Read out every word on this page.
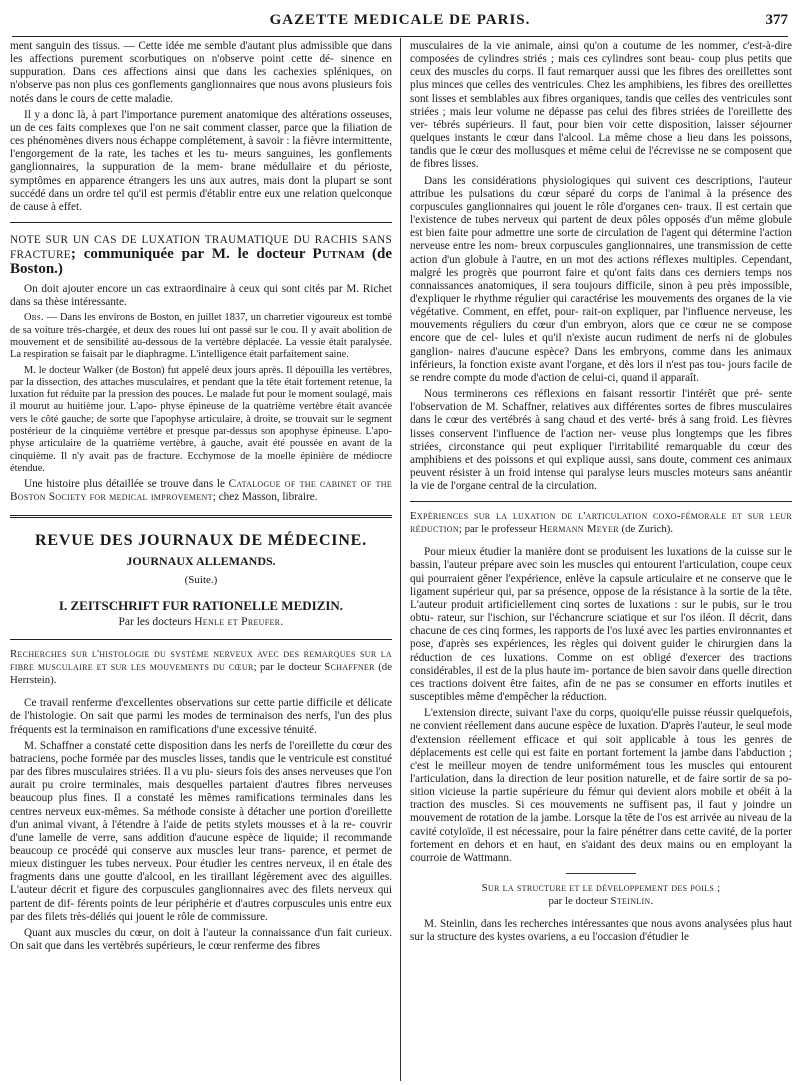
GAZETTE MEDICALE DE PARIS.	377

ment sanguin des tissus. — Cette idée me semble d'autant plus admissible que dans les affections purement scorbutiques on n'observe point cette dé- sinence en suppuration. Dans ces affections ainsi que dans les cachexies spléniques, on n'observe pas non plus ces gonflements ganglionnaires que nous avons plusieurs fois notés dans le cours de cette maladie.

Il y a donc là, à part l'importance purement anatomique des altérations osseuses, un de ces faits complexes que l'on ne sait comment classer, parce que la filiation de ces phénomènes divers nous échappe complétement, à savoir : la fièvre intermittente, l'engorgement de la rate, les taches et les tu- meurs sanguines, les gonflements ganglionnaires, la suppuration de la mem- brane médullaire et du périoste, symptômes en apparence étrangers les uns aux autres, mais dont la plupart se sont succédé dans un ordre tel qu'il est permis d'établir entre eux une relation quelconque de cause à effet.

NOTE SUR UN CAS DE LUXATION TRAUMATIQUE DU RACHIS SANS FRACTURE; communiquée par M. le docteur Putnam (de Boston.)

On doit ajouter encore un cas extraordinaire à ceux qui sont cités par M. Richet dans sa thèse intéressante.

Obs. — Dans les environs de Boston, en juillet 1837, un charretier vigoureux est tombé de sa voiture très-chargée, et deux des roues lui ont passé sur le cou. Il y avait abolition de mouvement et de sensibilité au-dessous de la vertèbre déplacée. La vessie était paralysée. La respiration se faisait par le diaphragme. L'intelligence était parfaitement saine.

M. le docteur Walker (de Boston) fut appelé deux jours après. Il dépouilla les vertèbres, par la dissection, des attaches musculaires, et pendant que la tête était fortement retenue, la luxation fut réduite par la pression des pouces. Le malade fut pour le moment soulagé, mais il mourut au huitième jour. L'apo- physe épineuse de la quatrième vertèbre était avancée vers le côté gauche; de sorte que l'apophyse articulaire, à droite, se trouvait sur le segment postérieur de la cinquième vertèbre et presque par-dessus son apophyse épineuse. L'apo- physe articulaire de la quatrième vertèbre, à gauche, avait été poussée en avant de la cinquième. Il n'y avait pas de fracture. Ecchymose de la moelle épinière de médiocre étendue.

Une histoire plus détaillée se trouve dans le Catalogue of the cabinet of the Boston Society for medical improvement; chez Masson, libraire.

REVUE DES JOURNAUX DE MÉDECINE.
JOURNAUX ALLEMANDS.
(Suite.)
I. ZEITSCHRIFT FUR RATIONELLE MEDIZIN.
Par les docteurs Henle et Preufer.

Recherches sur l'histologie du système nerveux avec des remarques sur la fibre musculaire et sur les mouvements du cœur; par le docteur Schaffner (de Herrstein).

Ce travail renferme d'excellentes observations sur cette partie difficile et délicate de l'histologie. On sait que parmi les modes de terminaison des nerfs, l'un des plus fréquents est la terminaison en ramifications d'une excessive ténuité.

M. Schaffner a constaté cette disposition dans les nerfs de l'oreillette du cœur des batraciens, poche formée par des muscles lisses, tandis que le ventricule est constitué par des fibres musculaires striées. Il a vu plu- sieurs fois des anses nerveuses que l'on aurait pu croire terminales, mais desquelles partaient d'autres fibres nerveuses beaucoup plus fines. Il a constaté les mêmes ramifications terminales dans les centres nerveux eux-mêmes. Sa méthode consiste à détacher une portion d'oreillette d'un animal vivant, à l'étendre à l'aide de petits stylets mousses et à la re- couvrir d'une lamelle de verre, sans addition d'aucune espèce de liquide; il recommande beaucoup ce procédé qui conserve aux muscles leur trans- parence, et permet de mieux distinguer les tubes nerveux. Pour étudier les centres nerveux, il en étale des fragments dans une goutte d'alcool, en les tiraillant légèrement avec des aiguilles. L'auteur décrit et figure des corpuscules ganglionnaires avec des filets nerveux qui partent de dif- férents points de leur périphérie et d'autres corpuscules unis entre eux par des filets très-déliés qui jouent le rôle de commissure.

Quant aux muscles du cœur, on doit à l'auteur la connaissance d'un fait curieux. On sait que dans les vertèbrés supérieurs, le cœur renferme des fibres

musculaires de la vie animale, ainsi qu'on a coutume de les nommer, c'est-à-dire composées de cylindres striés ; mais ces cylindres sont beau- coup plus petits que ceux des muscles du corps. Il faut remarquer aussi que les fibres des oreillettes sont plus minces que celles des ventricules. Chez les amphibiens, les fibres des oreillettes sont lisses et semblables aux fibres organiques, tandis que celles des ventricules sont striées ; mais leur volume ne dépasse pas celui des fibres striées de l'oreillette des ver- tébrés supérieurs. Il faut, pour bien voir cette disposition, laisser séjourner quelques instants le cœur dans l'alcool. La même chose a lieu dans les poissons, tandis que le cœur des mollusques et même celui de l'écrevisse ne se composent que de fibres lisses.

Dans les considérations physiologiques qui suivent ces descriptions, l'auteur attribue les pulsations du cœur séparé du corps de l'animal à la présence des corpuscules ganglionnaires qui jouent le rôle d'organes cen- traux. Il est certain que l'existence de tubes nerveux qui partent de deux pôles opposés d'un même globule est bien faite pour admettre une sorte de circulation de l'agent qui détermine l'action nerveuse entre les nom- breux corpuscules ganglionnaires, une transmission de cette action d'un globule à l'autre, en un mot des actions réflexes multiples. Cependant, malgré les progrès que pourront faire et qu'ont faits dans ces derniers temps nos connaissances anatomiques, il sera toujours difficile, sinon à peu près impossible, d'expliquer le rhythme régulier qui caractérise les mouvements des organes de la vie végétative. Comment, en effet, pour- rait-on expliquer, par l'influence nerveuse, les mouvements réguliers du cœur d'un embryon, alors que ce cœur ne se compose encore que de cel- lules et qu'il n'existe aucun rudiment de nerfs ni de globules ganglion- naires d'aucune espèce? Dans les embryons, comme dans les animaux inférieurs, la fonction existe avant l'organe, et dès lors il n'est pas tou- jours facile de se rendre compte du mode d'action de celui-ci, quand il apparaît.

Nous terminerons ces réflexions en faisant ressortir l'intérêt que pré- sente l'observation de M. Schaffner, relatives aux différentes sortes de fibres musculaires dans le cœur des vertébrés à sang chaud et des verté- brés à sang froid. Les fièvres lisses conservent l'influence de l'action ner- veuse plus longtemps que les fibres striées, circonstance qui peut expliquer l'irritabilité remarquable du cœur des amphibiens et des poissons et qui explique aussi, sans doute, comment ces animaux peuvent résister à un froid intense qui paralyse leurs muscles moteurs sans anéantir la vie de l'organe central de la circulation.

Expériences sur la luxation de l'articulation coxo-fémorale et sur leur réduction; par le professeur Hermann Meyer (de Zurich).

Pour mieux étudier la manière dont se produisent les luxations de la cuisse sur le bassin, l'auteur prépare avec soin les muscles qui entourent l'articulation, coupe ceux qui pourraient gêner l'expérience, enlève la capsule articulaire et ne conserve que le ligament supérieur qui, par sa présence, oppose de la résistance à la sortie de la tête. L'auteur produit artificiellement cinq sortes de luxations : sur le pubis, sur le trou obtu- rateur, sur l'ischion, sur l'échancrure sciatique et sur l'os iléon. Il décrit, dans chacune de ces cinq formes, les rapports de l'os luxé avec les parties environnantes et pose, d'après ses expériences, les règles qui doivent guider le chirurgien dans la réduction de ces luxations. Comme on est obligé d'exercer des tractions considérables, il est de la plus haute im- portance de bien savoir dans quelle direction ces tractions doivent être faites, afin de ne pas se consumer en efforts inutiles et susceptibles même d'empêcher la réduction.

L'extension directe, suivant l'axe du corps, quoiqu'elle puisse réussir quelquefois, ne convient réellement dans aucune espèce de luxation. D'après l'auteur, le seul mode d'extension réellement efficace et qui soit applicable à tous les genres de déplacements est celle qui est faite en portant fortement la jambe dans l'abduction ; c'est le meilleur moyen de tendre uniformément tous les muscles qui entourent l'articulation, dans la direction de leur position naturelle, et de faire sortir de sa po- sition vicieuse la partie supérieure du fémur qui devient alors mobile et obéit à la traction des muscles. Si ces mouvements ne suffisent pas, il faut y joindre un mouvement de rotation de la jambe. Lorsque la tête de l'os est arrivée au niveau de la cavité cotyloïde, il est nécessaire, pour la faire pénétrer dans cette cavité, de la porter fortement en dehors et en haut, en s'aidant des deux mains ou en employant la courroie de Wattmann.

Sur la structure et le développement des poils ;
par le docteur Steinlin.

M. Steinlin, dans les recherches intéressantes que nous avons analysées plus haut sur la structure des kystes ovariens, a eu l'occasion d'étudier le
